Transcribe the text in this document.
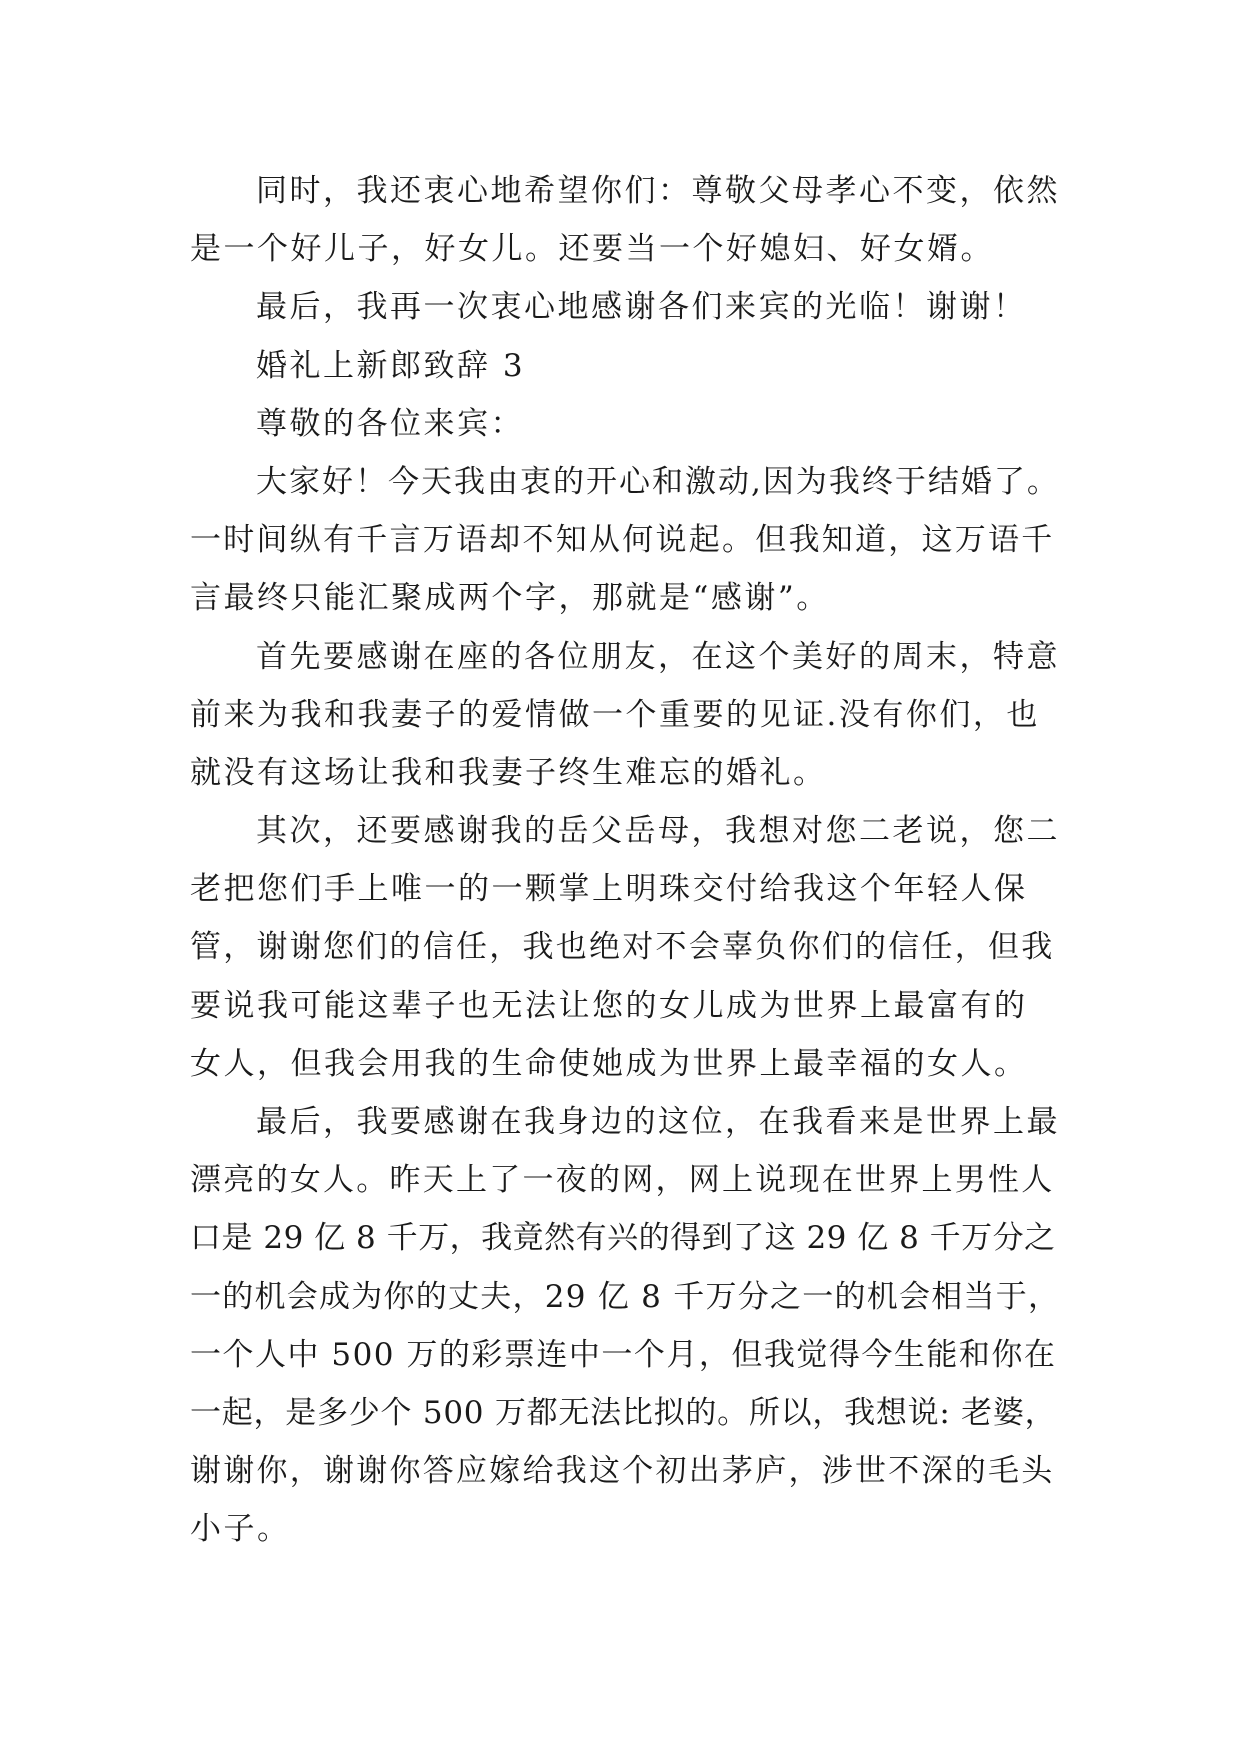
同时，我还衷心地希望你们：尊敬父母孝心不变，依然
是一个好儿子，好女儿。还要当一个好媳妇、好女婿。
最后，我再一次衷心地感谢各们来宾的光临！谢谢！
婚礼上新郎致辞 3
尊敬的各位来宾：
大家好！今天我由衷的开心和激动,因为我终于结婚了。
一时间纵有千言万语却不知从何说起。但我知道，这万语千
言最终只能汇聚成两个字，那就是“感谢”。
首先要感谢在座的各位朋友，在这个美好的周末，特意
前来为我和我妻子的爱情做一个重要的见证.没有你们，也
就没有这场让我和我妻子终生难忘的婚礼。
其次，还要感谢我的岳父岳母，我想对您二老说，您二
老把您们手上唯一的一颗掌上明珠交付给我这个年轻人保
管，谢谢您们的信任，我也绝对不会辜负你们的信任，但我
要说我可能这辈子也无法让您的女儿成为世界上最富有的
女人，但我会用我的生命使她成为世界上最幸福的女人。
最后，我要感谢在我身边的这位，在我看来是世界上最
漂亮的女人。昨天上了一夜的网，网上说现在世界上男性人
口是 29 亿 8 千万，我竟然有兴的得到了这 29 亿 8 千万分之
一的机会成为你的丈夫，29 亿 8 千万分之一的机会相当于，
一个人中 500 万的彩票连中一个月，但我觉得今生能和你在
一起，是多少个 500 万都无法比拟的。所以，我想说: 老婆，
谢谢你，谢谢你答应嫁给我这个初出茅庐，涉世不深的毛头
小子。
